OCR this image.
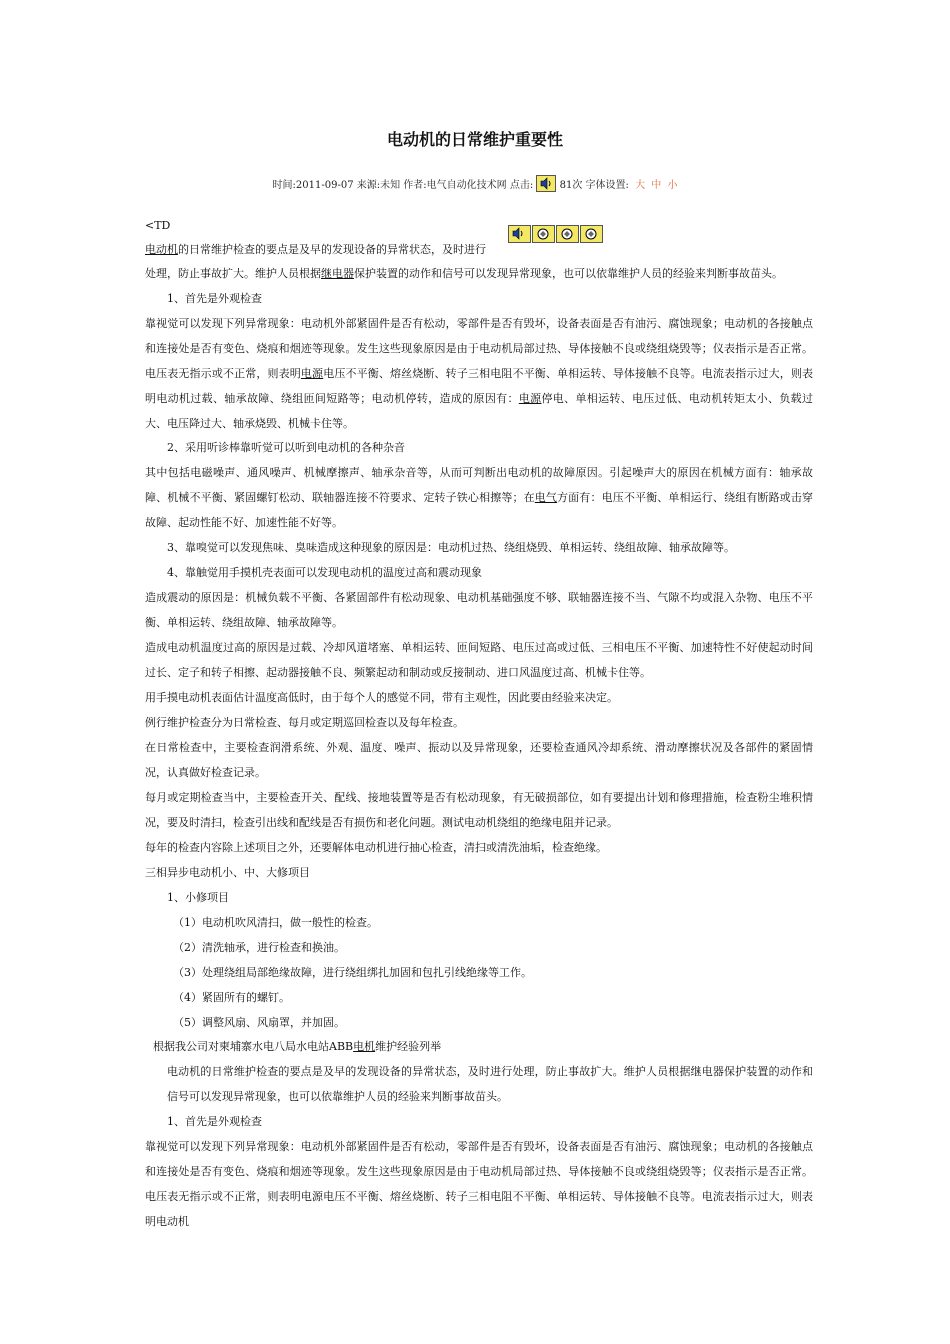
电动机的日常维护重要性
时间:2011-09-07 来源:未知 作者:电气自动化技术网 点击:	81次 字体设置: 大 中 小
<TD
电动机的日常维护检查的要点是及早的发现设备的异常状态，及时进行
处理，防止事故扩大。维护人员根据继电器保护装置的动作和信号可以发现异常现象，也可以依靠维护人员的经验来判断事故苗头。
1、首先是外观检查
靠视觉可以发现下列异常现象：电动机外部紧固件是否有松动，零部件是否有毁坏，设备表面是否有油污、腐蚀现象；电动机的各接触点和连接处是否有变色、烧痕和烟迹等现象。发生这些现象原因是由于电动机局部过热、导体接触不良或绕组烧毁等；仪表指示是否正常。电压表无指示或不正常，则表明电源电压不平衡、熔丝烧断、转子三相电阻不平衡、单相运转、导体接触不良等。电流表指示过大，则表明电动机过载、轴承故障、绕组匝间短路等；电动机停转，造成的原因有：电源停电、单相运转、电压过低、电动机转矩太小、负载过大、电压降过大、轴承烧毁、机械卡住等。
2、采用听诊棒靠听觉可以听到电动机的各种杂音
其中包括电磁噪声、通风噪声、机械摩擦声、轴承杂音等，从而可判断出电动机的故障原因。引起噪声大的原因在机械方面有：轴承故障、机械不平衡、紧固螺钉松动、联轴器连接不符要求、定转子铁心相擦等；在电气方面有：电压不平衡、单相运行、绕组有断路或击穿故障、起动性能不好、加速性能不好等。
3、靠嗅觉可以发现焦味、臭味造成这种现象的原因是：电动机过热、绕组烧毁、单相运转、绕组故障、轴承故障等。
4、靠触觉用手摸机壳表面可以发现电动机的温度过高和震动现象
造成震动的原因是：机械负载不平衡、各紧固部件有松动现象、电动机基础强度不够、联轴器连接不当、气隙不均或混入杂物、电压不平衡、单相运转、绕组故障、轴承故障等。
造成电动机温度过高的原因是过载、冷却风道堵塞、单相运转、匝间短路、电压过高或过低、三相电压不平衡、加速特性不好使起动时间过长、定子和转子相擦、起动器接触不良、频繁起动和制动或反接制动、进口风温度过高、机械卡住等。
用手摸电动机表面估计温度高低时，由于每个人的感觉不同，带有主观性，因此要由经验来决定。
例行维护检查分为日常检查、每月或定期巡回检查以及每年检查。
在日常检查中，主要检查润滑系统、外观、温度、噪声、振动以及异常现象，还要检查通风冷却系统、滑动摩擦状况及各部件的紧固情况，认真做好检查记录。
每月或定期检查当中，主要检查开关、配线、接地装置等是否有松动现象，有无破损部位，如有要提出计划和修理措施，检查粉尘堆积情况，要及时清扫，检查引出线和配线是否有损伤和老化问题。测试电动机绕组的绝缘电阻并记录。
每年的检查内容除上述项目之外，还要解体电动机进行抽心检查，清扫或清洗油垢，检查绝缘。
三相异步电动机小、中、大修项目
1、小修项目
（1）电动机吹风清扫，做一般性的检查。
（2）清洗轴承，进行检查和换油。
（3）处理绕组局部绝缘故障，进行绕组绑扎加固和包扎引线绝缘等工作。
（4）紧固所有的螺钉。
（5）调整风扇、风扇罩，并加固。
根据我公司对柬埔寨水电八局水电站ABB电机维护经验列举
电动机的日常维护检查的要点是及早的发现设备的异常状态，及时进行处理，防止事故扩大。维护人员根据继电器保护装置的动作和信号可以发现异常现象，也可以依靠维护人员的经验来判断事故苗头。
1、首先是外观检查
靠视觉可以发现下列异常现象：电动机外部紧固件是否有松动，零部件是否有毁坏，设备表面是否有油污、腐蚀现象；电动机的各接触点和连接处是否有变色、烧痕和烟迹等现象。发生这些现象原因是由于电动机局部过热、导体接触不良或绕组烧毁等；仪表指示是否正常。电压表无指示或不正常，则表明电源电压不平衡、熔丝烧断、转子三相电阻不平衡、单相运转、导体接触不良等。电流表指示过大，则表明电动机
